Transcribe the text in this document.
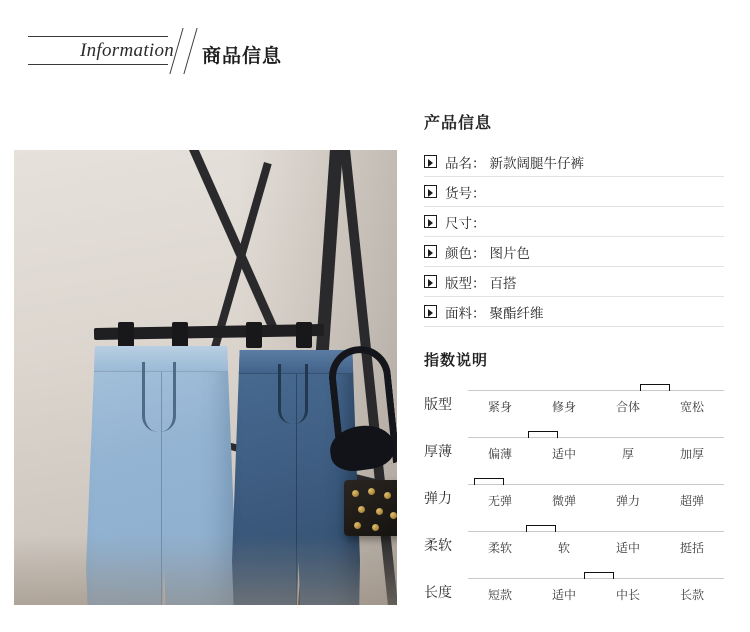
Information	商品信息
产品信息
品名： 新款阔腿牛仔裤
货号：
尺寸：
颜色： 图片色
版型： 百搭
面料： 聚酯纤维
指数说明
版型	紧身	修身	合体	宽松
厚薄	偏薄	适中	厚	加厚
弹力	无弹	微弹	弹力	超弹
柔软	柔软	软	适中	挺括
长度	短款	适中	中长	长款
